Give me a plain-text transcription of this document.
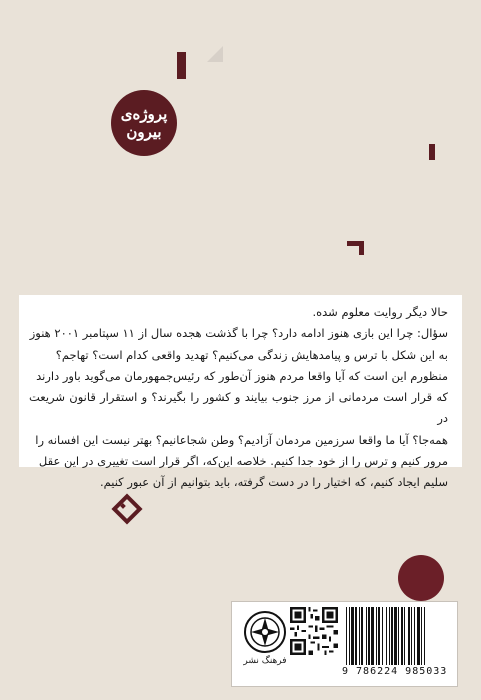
پروژه‌ی
بیرون

حالا دیگر روایت معلوم شده.

سؤال: چرا این بازی هنوز ادامه دارد؟ چرا با گذشت هجده سال از ۱۱ سپتامبر ۲۰۰۱ هنوز

به این شکل با ترس و پیامدهایش زندگی می‌کنیم؟ تهدید واقعی کدام است؟ تهاجم؟

منظورم این است که آیا واقعا مردم هنوز آن‌طور که رئیس‌جمهورمان می‌گوید باور دارند

که قرار است مردمانی از مرز جنوب بیایند و کشور را بگیرند؟ و استقرار قانون شریعت در

همه‌جا؟ آیا ما واقعا سرزمین مردمان آزادیم؟ وطن شجاعانیم؟ بهتر نیست این افسانه را

مرور کنیم و ترس را از خود جدا کنیم. خلاصه این‌که، اگر قرار است تغییری در این عقل

سلیم ایجاد کنیم، که اختیار را در دست گرفته، باید بتوانیم از آن عبور کنیم.

فرهنگ نشر
9 786224 985033
